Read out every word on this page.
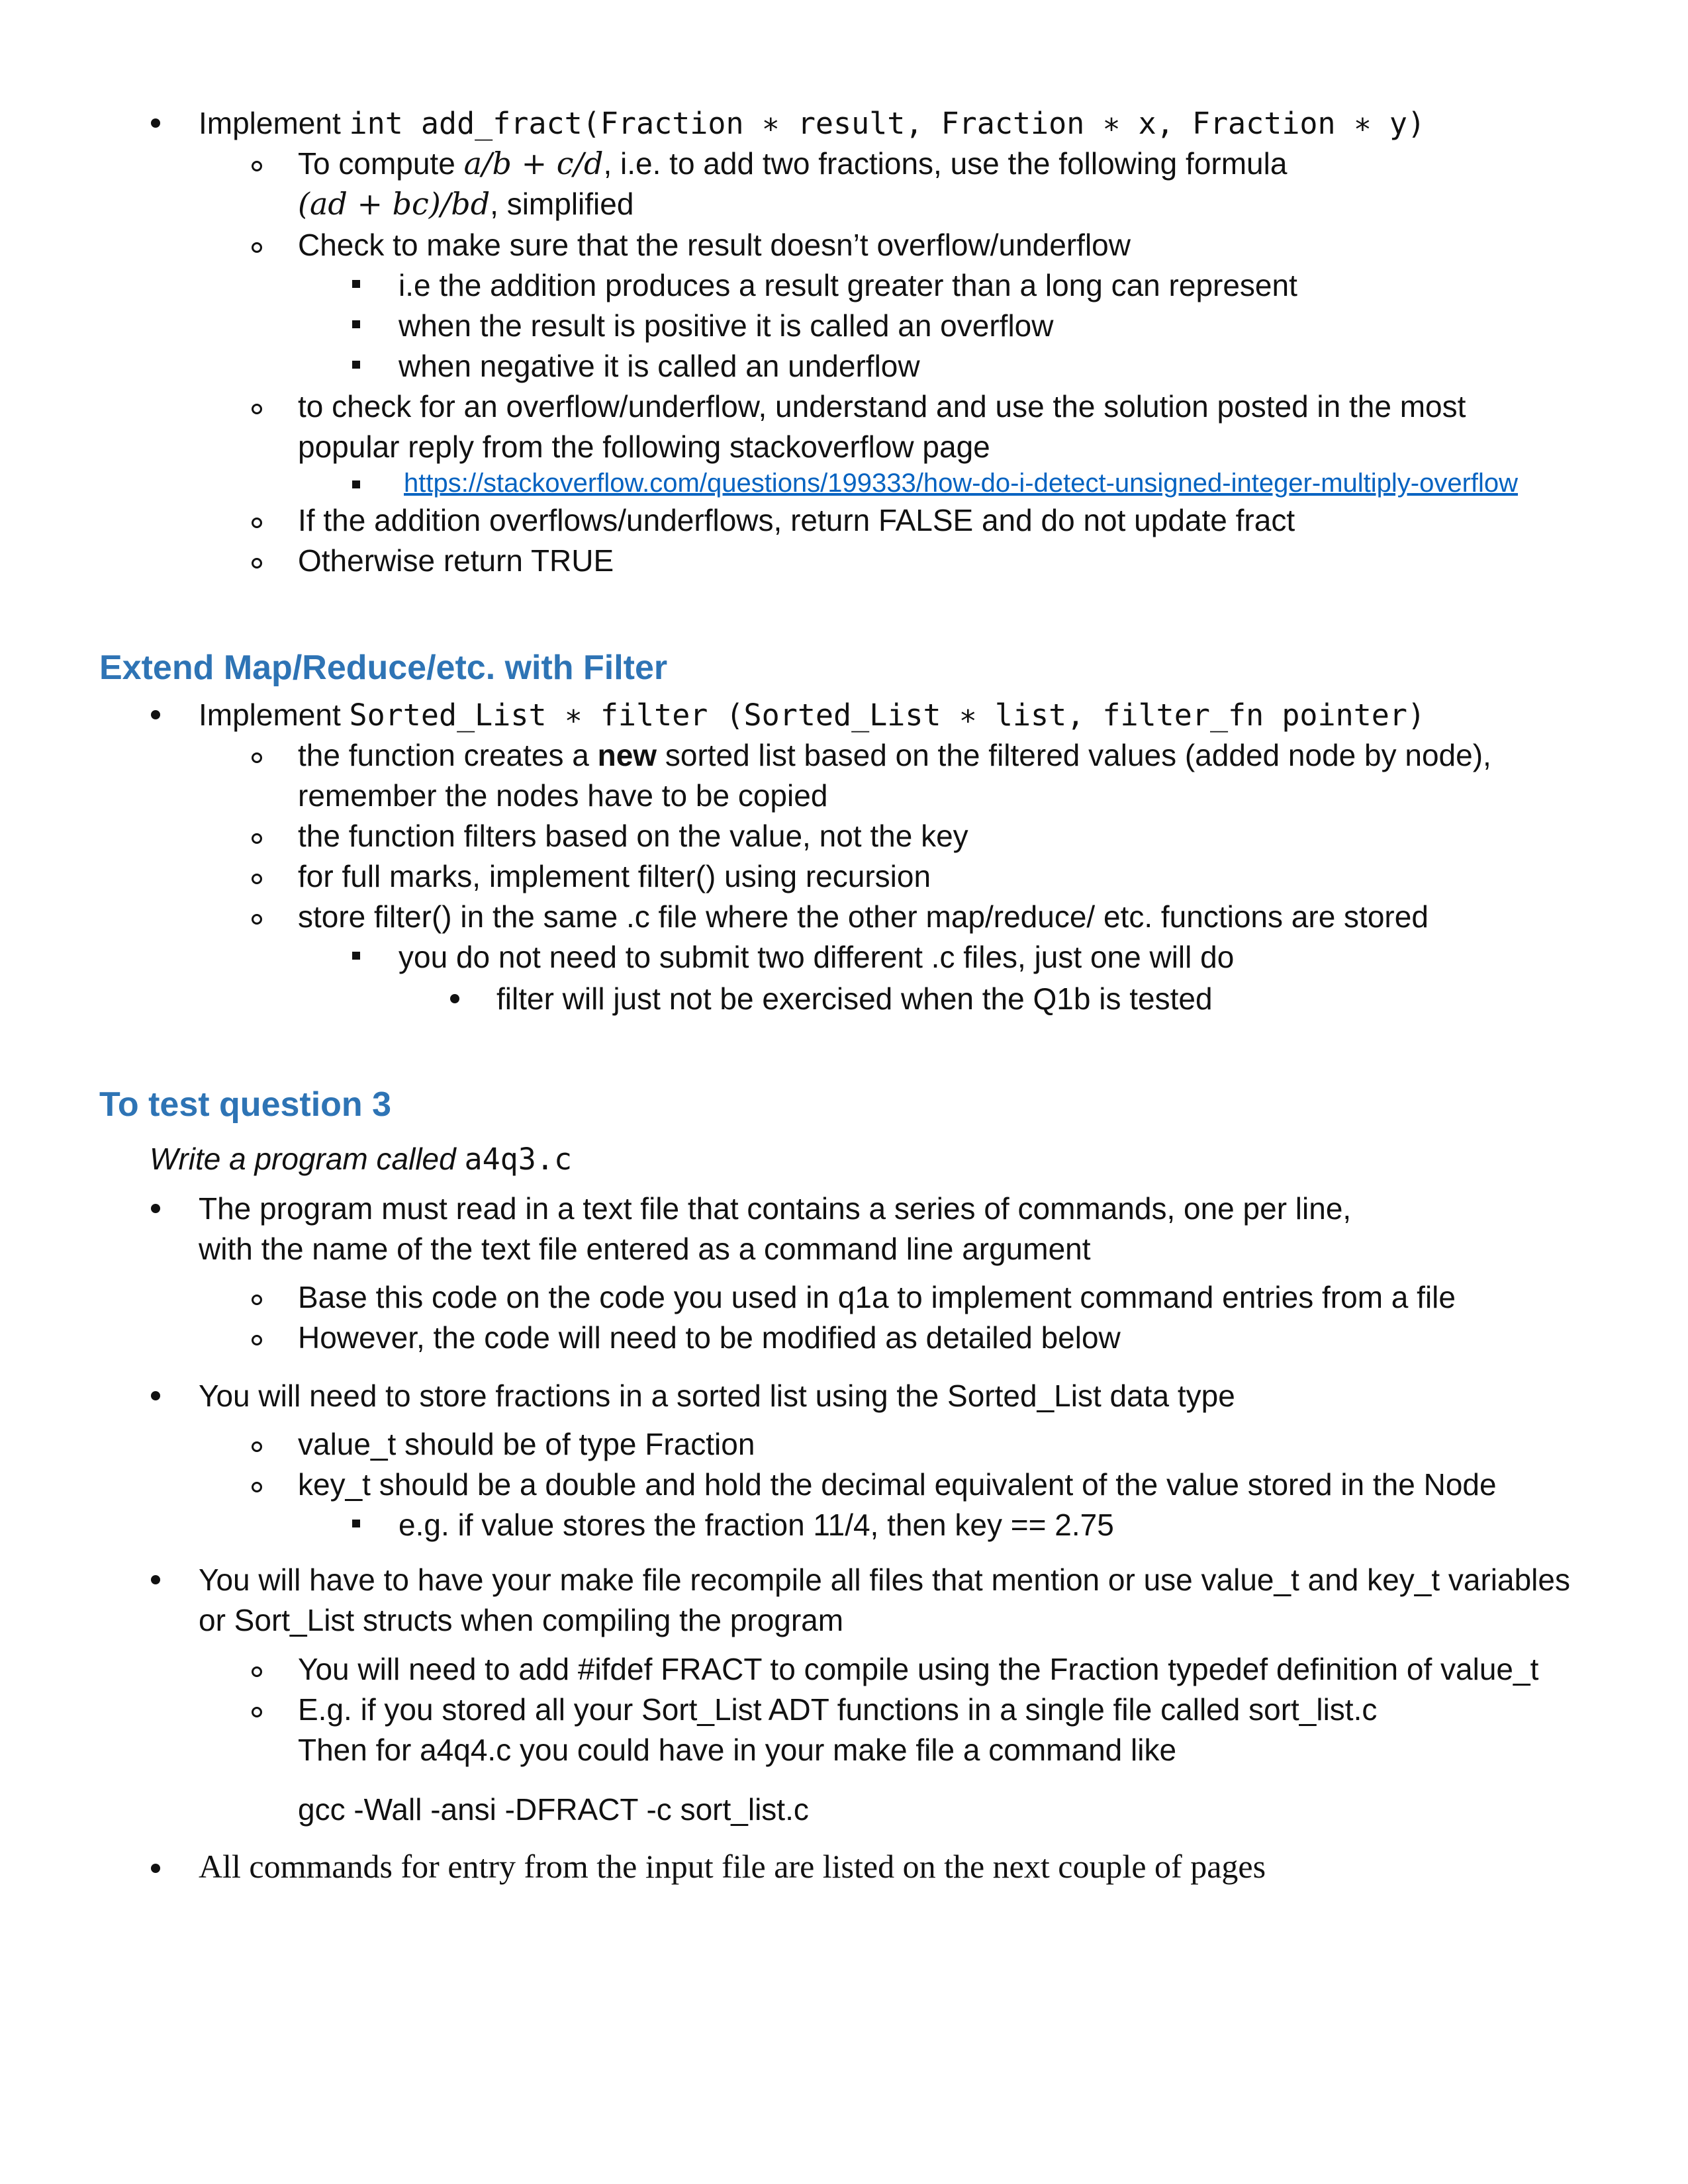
Implement int add_fract(Fraction ∗ result, Fraction ∗ x, Fraction ∗ y)
To compute a/b + c/d, i.e. to add two fractions, use the following formula
(ad + bc)/bd, simplified
Check to make sure that the result doesn’t overflow/underflow
i.e the addition produces a result greater than a long can represent
when the result is positive it is called an overflow
when negative it is called an underflow
to check for an overflow/underflow, understand and use the solution posted in the most
popular reply from the following stackoverflow page
https://stackoverflow.com/questions/199333/how-do-i-detect-unsigned-integer-multiply-overflow
If the addition overflows/underflows, return FALSE and do not update fract
Otherwise return TRUE
Extend Map/Reduce/etc. with Filter
Implement Sorted_List ∗ filter (Sorted_List ∗ list, filter_fn pointer)
the function creates a new sorted list based on the filtered values (added node by node),
remember the nodes have to be copied
the function filters based on the value, not the key
for full marks, implement filter() using recursion
store filter() in the same .c file where the other map/reduce/ etc. functions are stored
you do not need to submit two different .c files, just one will do
filter will just not be exercised when the Q1b is tested
To test question 3
Write a program called a4q3.c
The program must read in a text file that contains a series of commands, one per line,
with the name of the text file entered as a command line argument
Base this code on the code you used in q1a to implement command entries from a file
However, the code will need to be modified as detailed below
You will need to store fractions in a sorted list using the Sorted_List data type
value_t should be of type Fraction
key_t should be a double and hold the decimal equivalent of the value stored in the Node
e.g. if value stores the fraction 11/4, then key == 2.75
You will have to have your make file recompile all files that mention or use value_t and key_t variables
or Sort_List structs when compiling the program
You will need to add #ifdef FRACT to compile using the Fraction typedef definition of value_t
E.g. if you stored all your Sort_List ADT functions in a single file called sort_list.c
Then for a4q4.c you could have in your make file a command like
gcc -Wall -ansi -DFRACT -c sort_list.c
All commands for entry from the input file are listed on the next couple of pages
